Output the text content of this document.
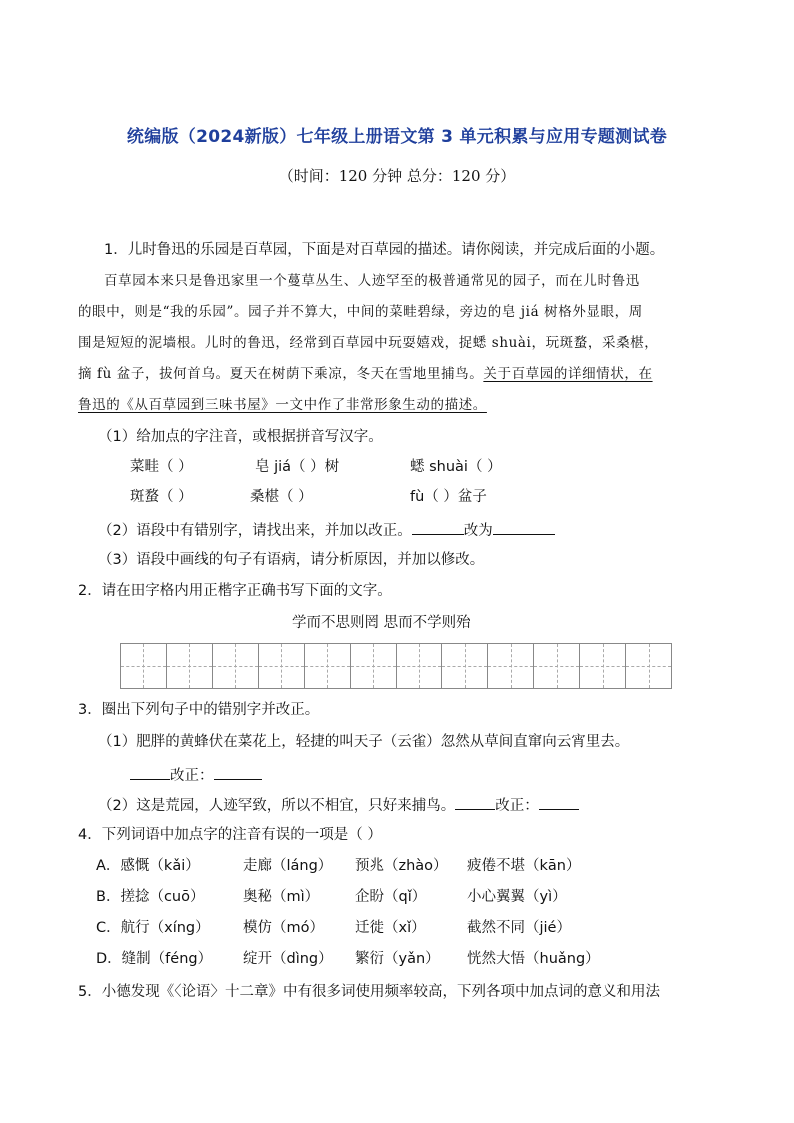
统编版（2024新版）七年级上册语文第 3 单元积累与应用专题测试卷
（时间：120 分钟 总分：120 分）
1．儿时鲁迅的乐园是百草园，下面是对百草园的描述。请你阅读，并完成后面的小题。
百草园本来只是鲁迅家里一个蔓草丛生、人迹罕至的极普通常见的园子，而在儿时鲁迅
的眼中，则是“我的乐园”。园子并不算大，中间的菜畦碧绿，旁边的皂 jiá 树格外显眼，周
围是短短的泥墙根。儿时的鲁迅，经常到百草园中玩耍嬉戏，捉蟋 shuài，玩斑蝥，采桑椹，
摘 fù 盆子，拔何首乌。夏天在树荫下乘凉，冬天在雪地里捕鸟。关于百草园的详细情状，在
鲁迅的《从百草园到三味书屋》一文中作了非常形象生动的描述。
（1）给加点的字注音，或根据拼音写汉字。
菜畦（ ）	皂 jiá（ ）树	蟋 shuài（ ）
斑蝥（ ）	桑椹（ ）	fù（ ）盆子
（2）语段中有错别字，请找出来，并加以改正。	改为
（3）语段中画线的句子有语病，请分析原因，并加以修改。
2．请在田字格内用正楷字正确书写下面的文字。
学而不思则罔 思而不学则殆
3．圈出下列句子中的错别字并改正。
（1）肥胖的黄蜂伏在菜花上，轻捷的叫天子（云雀）忽然从草间直窜向云宵里去。
改正：
（2）这是荒园，人迹罕致，所以不相宜，只好来捕鸟。	改正：
4．下列词语中加点字的注音有误的一项是（ ）
A．感慨（kǎi）	走廊（láng） 预兆（zhào） 疲倦不堪（kān）
B．搓捻（cuō）	奥秘（mì） 企盼（qǐ）	小心翼翼（yì）
C．航行（xíng） 模仿（mó） 迁徙（xǐ）	截然不同（jié）
D．缝制（féng） 绽开（dìng） 繁衍（yǎn） 恍然大悟（huǎng）
5．小德发现《〈论语〉十二章》中有很多词使用频率较高，下列各项中加点词的意义和用法
